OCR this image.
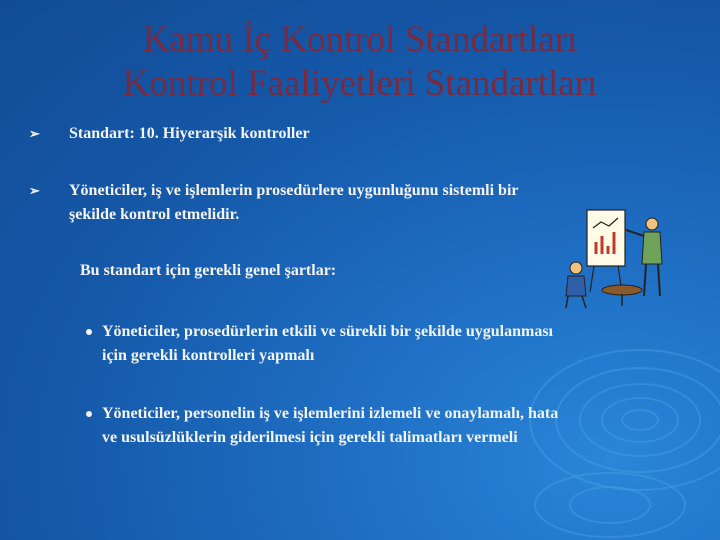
Kamu İç Kontrol Standartları
Kontrol Faaliyetleri Standartları
➢ Standart: 10. Hiyerarşik kontroller
➢ Yöneticiler, iş ve işlemlerin prosedürlere uygunluğunu sistemli bir
şekilde kontrol etmelidir.
Bu standart için gerekli genel şartlar:
Yöneticiler, prosedürlerin etkili ve sürekli bir şekilde uygulanması
için gerekli kontrolleri yapmalı
Yöneticiler, personelin iş ve işlemlerini izlemeli ve onaylamalı, hata
ve usulsüzlüklerin giderilmesi için gerekli talimatları vermeli
